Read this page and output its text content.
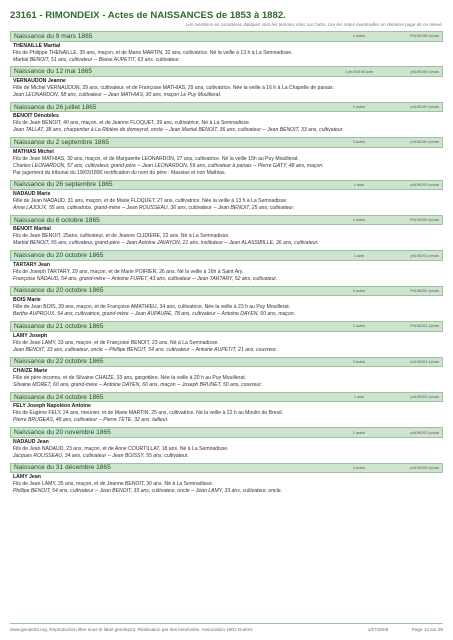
23161 - RIMONDEIX - Actes de NAISSANCES de 1853 à 1882.
Les mentions en caractères italiques sont les témoins cités sur l'acte. Lire les notes éventuelles en dernière page de ce relevé.
Naissance du 9 mars 1865	2 actes	Ph190198 /photo
THENAILLE Martial
Fils de Philippe THENAILLE, 39 ans, maçon, et de Marie MARTIN, 32 ans, cultivatrice. Né la veille à 13 h à La Semnadisse.
Martial BENOIT, 51 ans, cultivateur -- Blaise AUPETIT, 63 ans, cultivateur.
Naissance du 12 mai 1865	1 ph190199 acte	ph190199 /photo
VERNAUDON Jeanne
Fille de Michel VERNAUDON, 29 ans, cultivateur, et de Françoise MATHIAS, 29 ans, cultivatrice. Née la veille à 16 h à La Chapelle de panaix.
Jean LÉONARDON, 58 ans, cultivateur -- Jean MATHIAS, 30 ans, maçon Le Puy Mouillerat.
Naissance du 26 juillet 1865	2 actes	ph190199 /photo
BENOIT Dénobiles
Fils de Jean BENOIT, 40 ans, maçon, et de Jeanne FLOQUET, 39 ans, cultivatrice. Né à La Semnadisse.
Jean TALLAT, 38 ans, charpentier à La Ribière de domeyrot, oncle -- Jean Martial BENOIT, 36 ans, cultivateur -- Jean BENOIT, 33 ans, cultivateur.
Naissance du 2 septembre 1865	3 actes	ph190199 /photo
MATHIAS Michel
Fils de Jean MATHIAS, 30 ans, maçon, et de Marguerite LEONARDON, 27 ans, cultivatrice. Né la veille 15h au Puy Mouillerat.
Charles LEONARDON, 57 ans, cultivateur, grand-père -- Jean LEONARDON, 59 ans, cultivateur à panaix -- Pierre GATY, 48 ans, maçon.
Par jugement du tribunal du 19/03/1890 rectification du nom du père : Massias et non Mathias.
Naissance du 26 septembre 1865	1 acte	ph190200 /photo
NADAUD Marie
Fille de Jean NADAUD, 31 ans, maçon, et de Marie FLOQUET, 27 ans, cultivatrice. Née la veille à 13 h à La Semnadisse.
Anne LAJOUX, 55 ans, cultivatrice, grand-mère -- Jean ROUSSEAU, 36 ans, cultivateur -- Jean BENOIT, 25 ans, cultivateur.
Naissance du 6 octobre 1865	2 actes	Ph190200 /photo
BENOIT Martial
Fils de Jean BENOIT, 25ans, cultivateur, et de Jeanne CLIDIÈRE, 22 ans. Né à La Semnadisse.
Martial BENOIT, 55 ans, cultivateur, grand-père -- Jean Antoine JAVAYON, 21 ans, instituteur -- Jean ALASSIBILLE, 36 ans, cultivateur.
Naissance du 20 octobre 1865	1 acte	ph190201 /photo
TARTARY Jean
Fils de Joseph TARTARY, 29 ans, maçon, et de Marie POIRIER, 26 ans. Né la veille à 16h à Saint Ary.
Françoise NADAUD, 54 ans, grand-mère -- Antoine FURET, 43 ans, cultivateur -- Jean TARTARY, 52 ans, cultivateur.
Naissance du 20 octobre 1865	3 actes	Ph190200 /photo
BOIS Marie
Fille de Jean BOIS, 39 ans, maçon, et de Françoise AMATHIEU, 34 ans, cultivatrice. Née la veille à 23 h au Puy Mouillerat.
Berthe AUPROUX, 54 ans, cultivatrice, grand-mère -- Jean AUPAURE, 78 ans, cultivateur -- Antoine DAYEN, 60 ans, maçon.
Naissance du 21 octobre 1865	2 actes	Ph190201 /photo
LAMY Joseph
Fils de Jean LAMY, 33 ans, maçon, et de Françoise BENOIT, 23 ans. Né à La Semnadisse.
Jean BENOIT, 33 ans, cultivateur, oncle -- Phillipe BENOIT, 54 ans, cultivateur -- Antoine AUPETIT, 21 ans, couvreur.
Naissance du 22 octobre 1865	3 actes	ph190201 /photo
CHAIZE Marie
Fille de père inconnu, et de Silvaine CHAIZE, 33 ans, gargotière. Née la veille à 20 h au Puy Mouillerat.
Silvaine MORET, 60 ans, grand-mère -- Antoine DAYEN, 60 ans, maçon -- Joseph BRUNET, 50 ans, couvreur.
Naissance du 24 octobre 1865	1 acte	ph190202 /photo
FELY Joseph Napoléon Antoine
Fils de Eugène FELY, 24 ans, meunier, et de Marie MARTIN, 25 ans, cultivatrice. Né la veille à 22 h au Moulin du Breuil.
Pierre BRUGEAS, 48 ans, cultivateur -- Pierre TETE, 32 ans, tailleur.
Naissance du 20 novembre 1865	2 actes	ph190202 /photo
NADAUD Jean
Fils de Jean NADAUD, 23 ans, maçon, et de Anne COURTILLAT, 18 ans. Né à La Semnadisse.
Jacques ROUSSEAU, 34 ans, cultivateur -- Jean BOISSY, 55 ans, cultivateur.
Naissance du 31 décembre 1865	3 actes	ph190202 /photo
LAMY Jean
Fils de Jean LAMY, 35 ans, maçon, et de Jeanne BENOIT, 30 ans. Né à La Semnadisse.
Phillipe BENOIT, 54 ans, cultivateur -- Jean BENOIT, 33 ans, cultivateur, oncle -- Jean LAMY, 33 ans, cultivateur, oncle.
www.gende23.org. Reproduction libre sous le label gendep23. Réalisation par des bénévoles. Association 1901 Guéret.	1/07/2008	Page 14 sur 29
